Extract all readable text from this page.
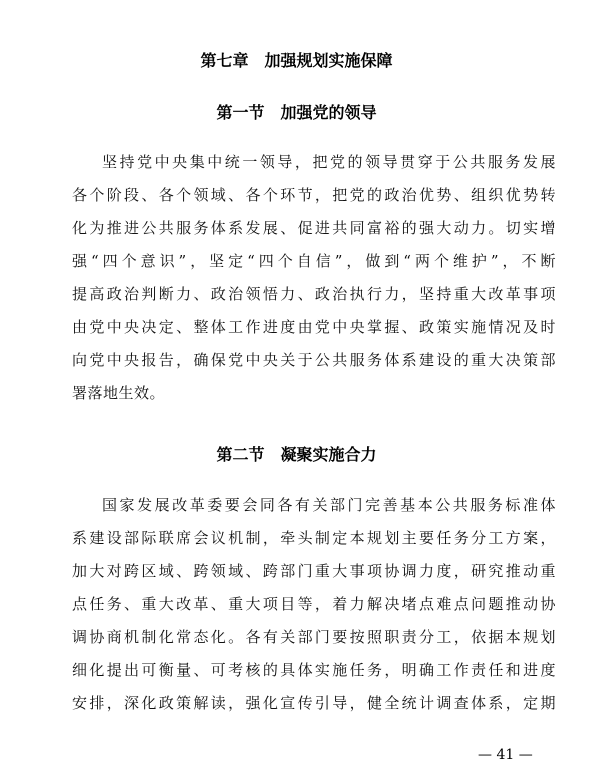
第七章　加强规划实施保障
第一节　加强党的领导
坚持党中央集中统一领导，把党的领导贯穿于公共服务发展
各个阶段、各个领域、各个环节，把党的政治优势、组织优势转
化为推进公共服务体系发展、促进共同富裕的强大动力。切实增
强“四个意识”，坚定“四个自信”，做到“两个维护”，不断
提高政治判断力、政治领悟力、政治执行力，坚持重大改革事项
由党中央决定、整体工作进度由党中央掌握、政策实施情况及时
向党中央报告，确保党中央关于公共服务体系建设的重大决策部
署落地生效。
第二节　凝聚实施合力
国家发展改革委要会同各有关部门完善基本公共服务标准体
系建设部际联席会议机制，牵头制定本规划主要任务分工方案，
加大对跨区域、跨领域、跨部门重大事项协调力度，研究推动重
点任务、重大改革、重大项目等，着力解决堵点难点问题推动协
调协商机制化常态化。各有关部门要按照职责分工，依据本规划
细化提出可衡量、可考核的具体实施任务，明确工作责任和进度
安排，深化政策解读，强化宣传引导，健全统计调查体系，定期
— 41 —
